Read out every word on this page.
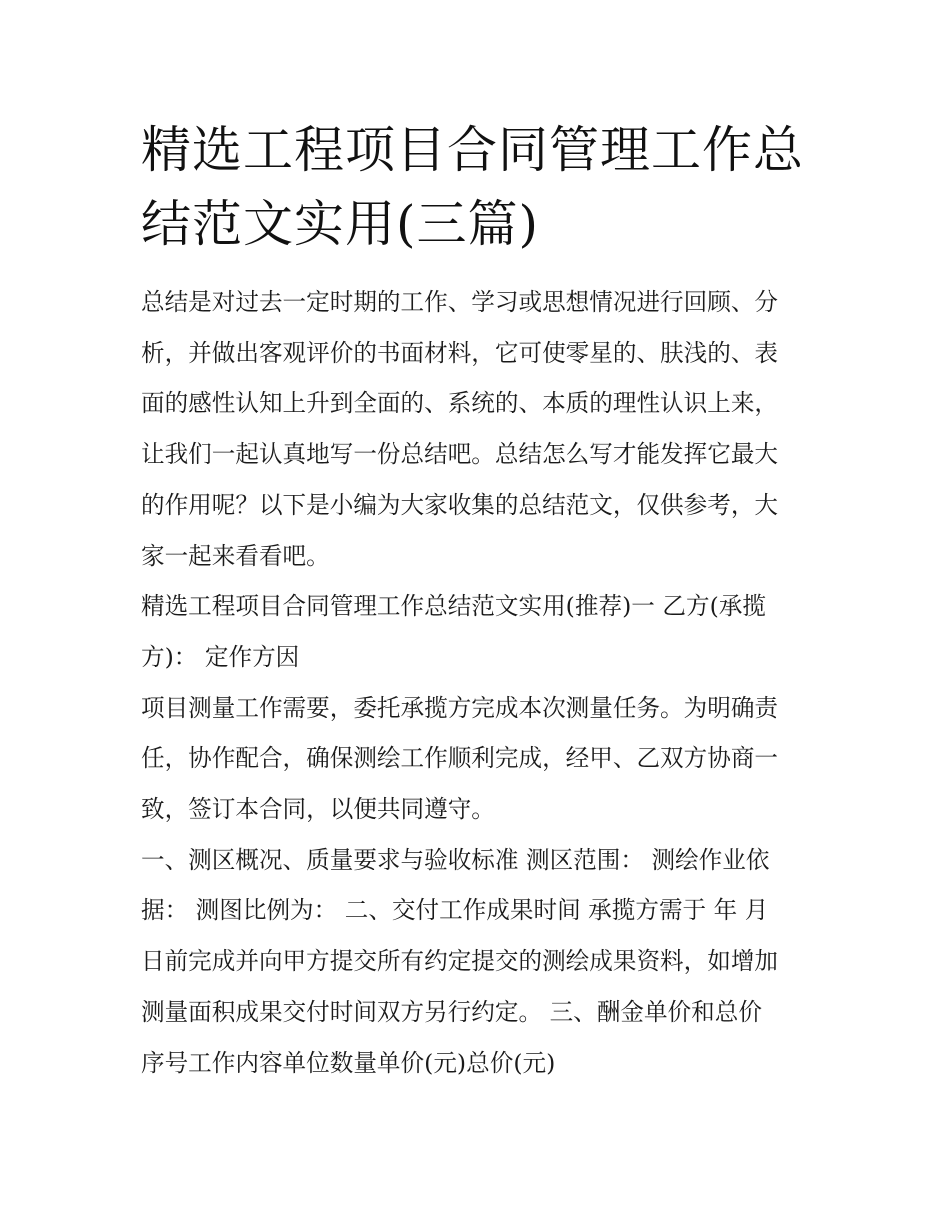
精选工程项目合同管理工作总
结范文实用(三篇)

总结是对过去一定时期的工作、学习或思想情况进行回顾、分
析，并做出客观评价的书面材料，它可使零星的、肤浅的、表
面的感性认知上升到全面的、系统的、本质的理性认识上来，
让我们一起认真地写一份总结吧。总结怎么写才能发挥它最大
的作用呢？以下是小编为大家收集的总结范文，仅供参考，大
家一起来看看吧。

精选工程项目合同管理工作总结范文实用(推荐)一 乙方(承揽
方)： 定作方因

项目测量工作需要，委托承揽方完成本次测量任务。为明确责
任，协作配合，确保测绘工作顺利完成，经甲、乙双方协商一
致，签订本合同，以便共同遵守。

一、测区概况、质量要求与验收标准 测区范围： 测绘作业依
据： 测图比例为： 二、交付工作成果时间 承揽方需于 年 月
日前完成并向甲方提交所有约定提交的测绘成果资料，如增加
测量面积成果交付时间双方另行约定。 三、酬金单价和总价
序号工作内容单位数量单价(元)总价(元)
